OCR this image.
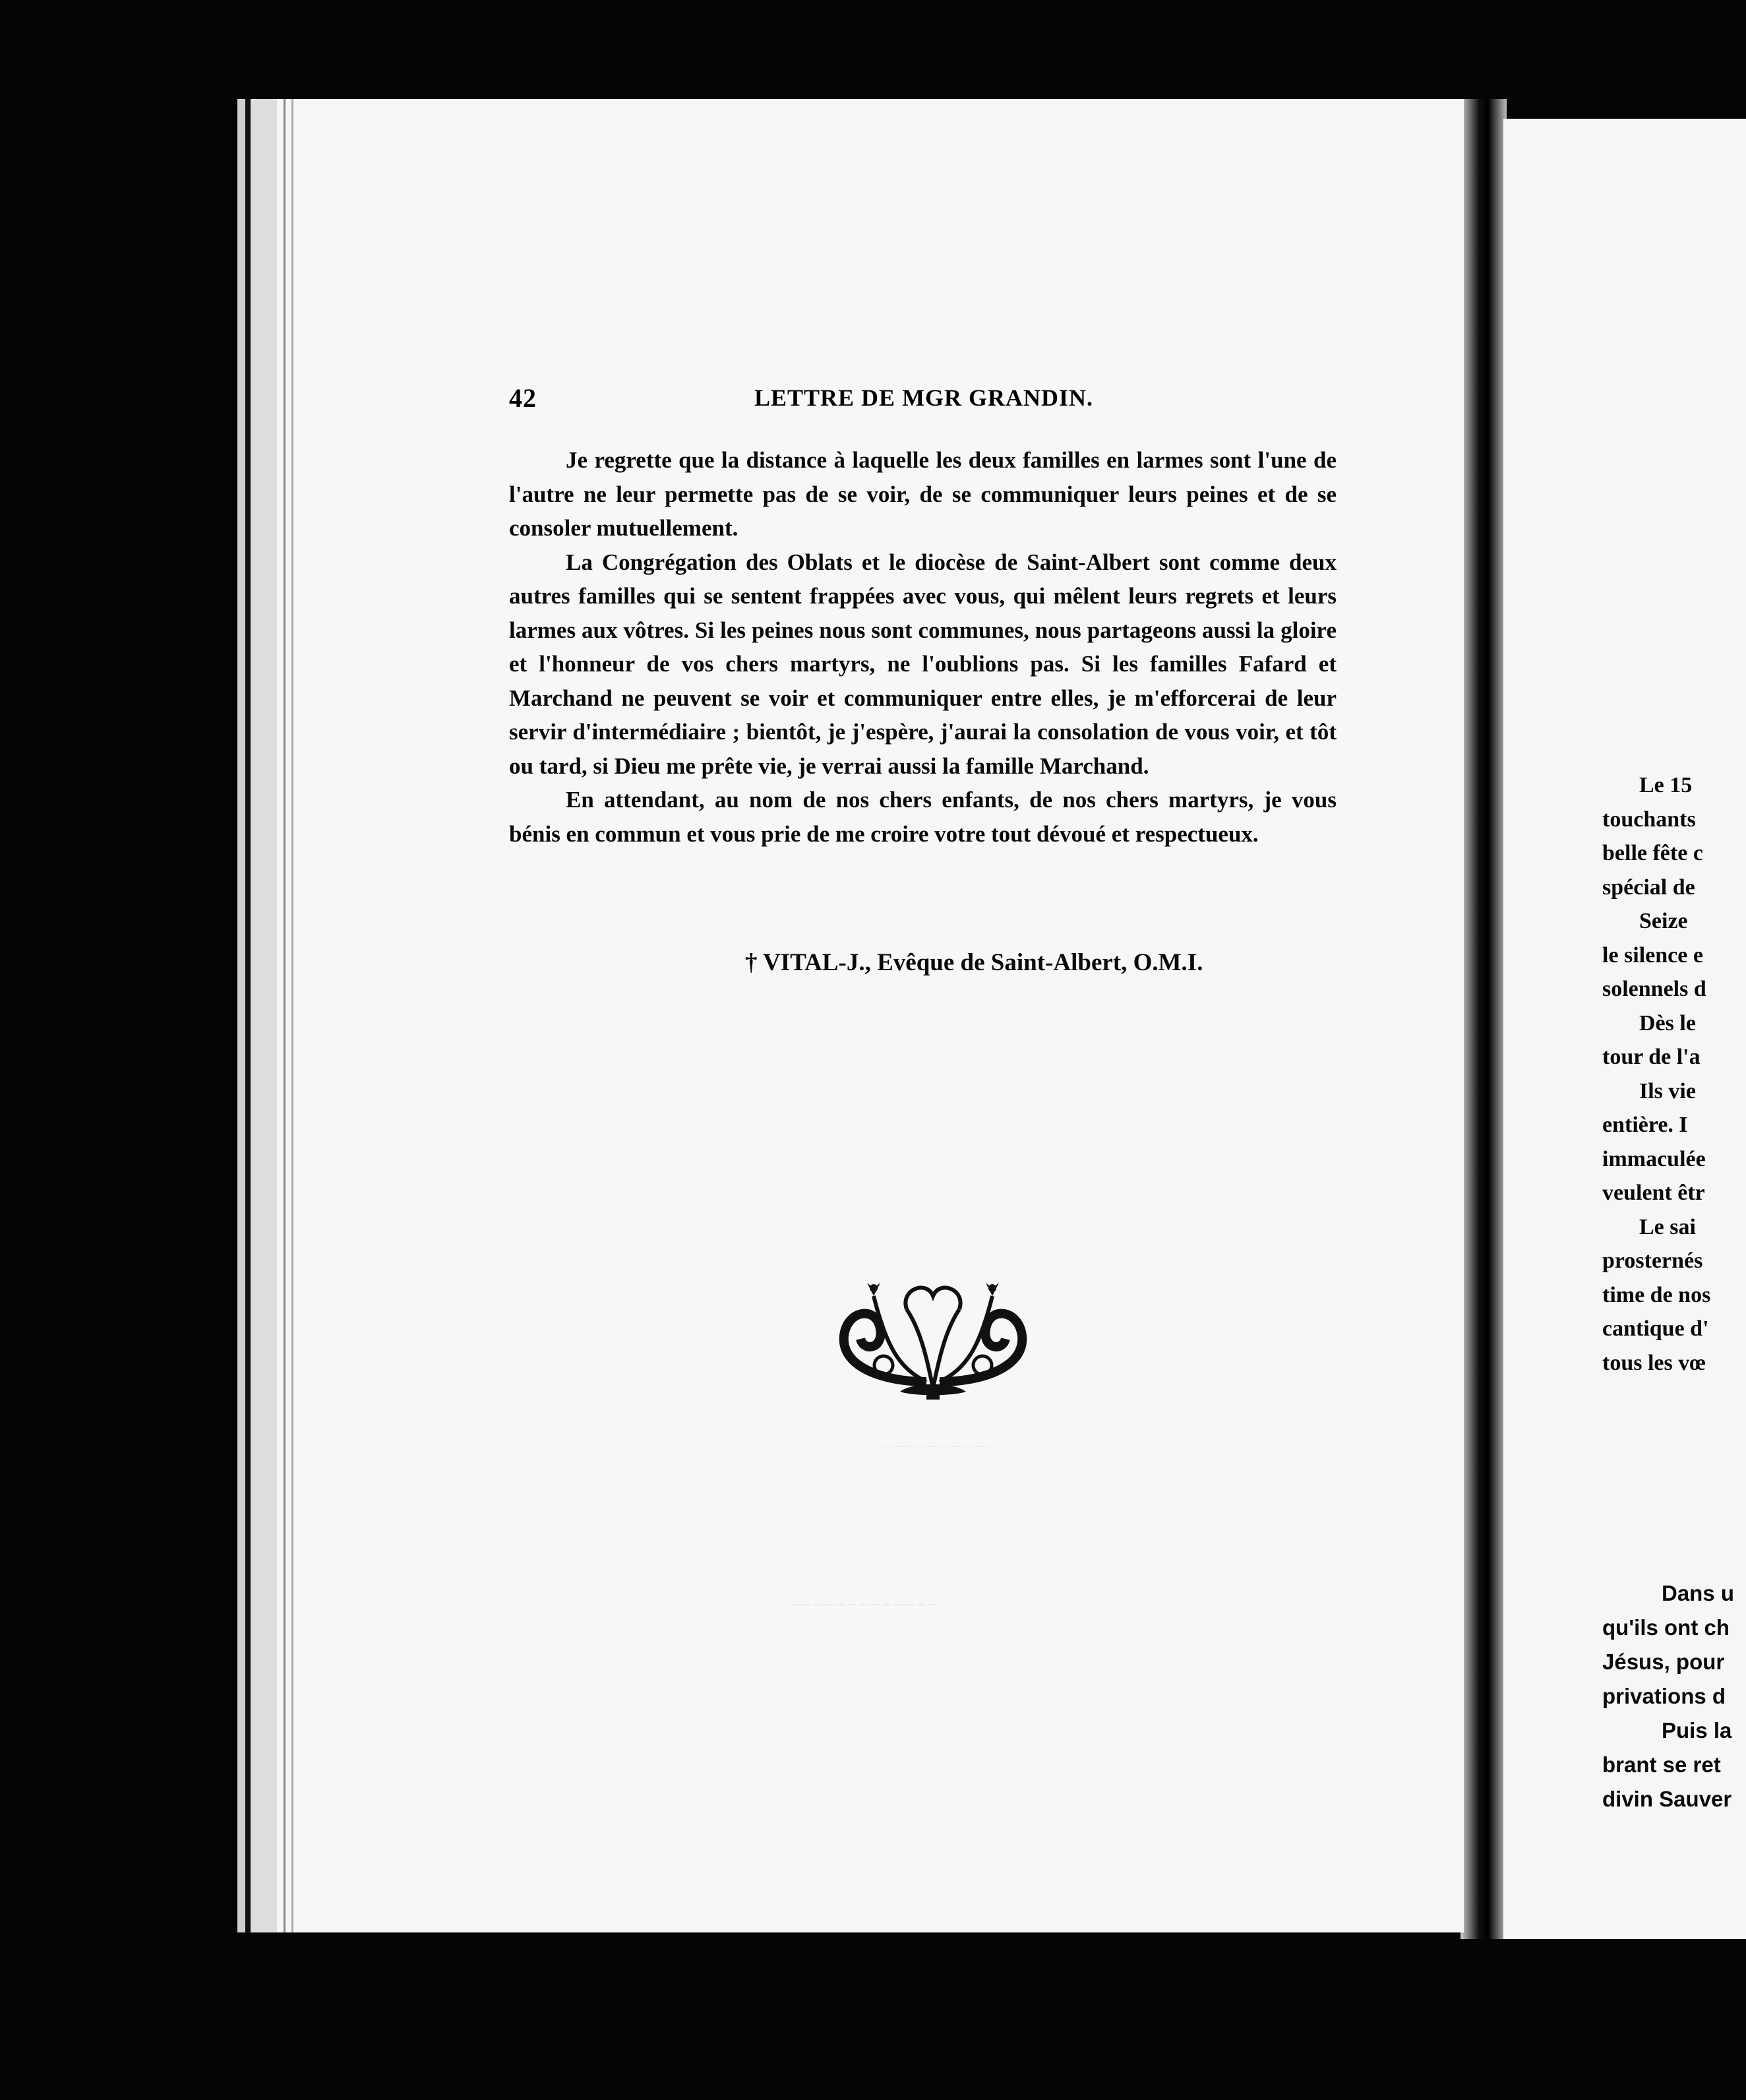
‾ ‾ ‾ ‾ ‾ ‾ ‾ ‾ ‾ ‾
‾ ‾ ‾ ‾ ‾ ‾ ‾ ‾ ‾ ‾ ‾ ‾ ‾
42	LETTRE DE MGR GRANDIN.

Je regrette que la distance à laquelle les deux familles en larmes sont l'une de l'autre ne leur permette pas de se voir, de se communiquer leurs peines et de se consoler mutuellement.

La Congrégation des Oblats et le diocèse de Saint-Albert sont comme deux autres familles qui se sentent frappées avec vous, qui mêlent leurs regrets et leurs larmes aux vôtres. Si les peines nous sont communes, nous partageons aussi la gloire et l'honneur de vos chers martyrs, ne l'oublions pas. Si les familles Fafard et Marchand ne peuvent se voir et communiquer entre elles, je m'efforcerai de leur servir d'intermédiaire ; bientôt, je j'espère, j'aurai la consolation de vous voir, et tôt ou tard, si Dieu me prête vie, je verrai aussi la famille Marchand.

En attendant, au nom de nos chers enfants, de nos chers martyrs, je vous bénis en commun et vous prie de me croire votre tout dévoué et respectueux.

† VITAL-J., Evêque de Saint-Albert, O.M.I.
Le 15
touchants
belle fête c
spécial de
Seize
le silence e
solennels d
Dès le
tour de l'a
Ils vie
entière. I
immaculée
veulent êtr
Le sai
prosternés
time de nos
cantique d'
tous les vœ
Dans u
qu'ils ont ch
Jésus, pour
privations d
Puis la
brant se ret
divin Sauver
